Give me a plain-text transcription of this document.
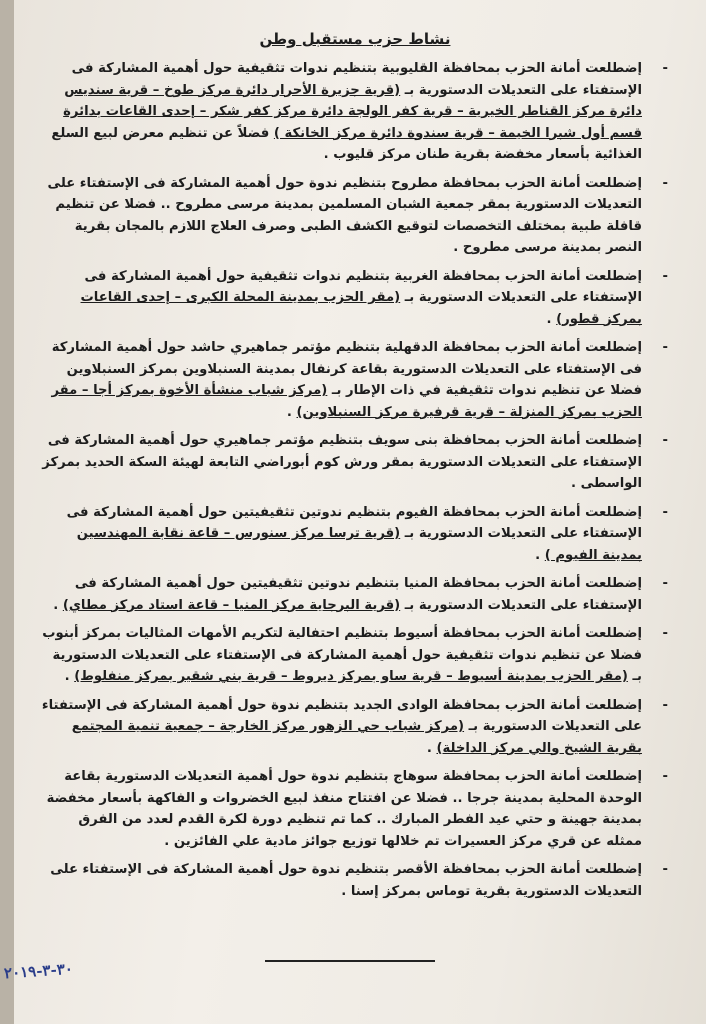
نشاط حزب مستقبل وطن
-
إضطلعت أمانة الحزب بمحافظة القليوبية بتنظيم ندوات تثقيفية حول أهمية المشاركة فى الإستفتاء على التعديلات الدستورية بـ (قرية جزيرة الأحرار دائرة مركز طوخ – قرية سنديس دائرة مركز القناطر الخيرية – قرية كفر الولجة دائرة مركز كفر شكر – إحدى القاعات بدائرة قسم أول شبرا الخيمة – قرية سندوة دائرة مركز الخانكة ) فضلاً عن تنظيم معرض لبيع السلع الغذائية بأسعار مخفضة بقرية طنان مركز قليوب .
-
إضطلعت أمانة الحزب بمحافظة مطروح بتنظيم ندوة حول أهمية المشاركة فى الإستفتاء على التعديلات الدستورية بمقر جمعية الشبان المسلمين بمدينة مرسى مطروح .. فضلا عن تنظيم قافلة طبية بمختلف التخصصات لتوقيع الكشف الطبى وصرف العلاج اللازم بالمجان بقرية النصر بمدينة مرسى مطروح .
-
إضطلعت أمانة الحزب بمحافظة الغربية بتنظيم ندوات تثقيفية حول أهمية المشاركة فى الإستفتاء على التعديلات الدستورية بـ (مقر الحزب بمدينة المحلة الكبرى – إحدى القاعات بمركز قطور) .
-
إضطلعت أمانة الحزب بمحافظة الدقهلية بتنظيم مؤتمر جماهيري حاشد حول أهمية المشاركة فى الإستفتاء على التعديلات الدستورية بقاعة كرنفال بمدينة السنبلاوين بمركز السنبلاوين فضلا عن تنظيم ندوات تثقيفية في ذات الإطار بـ (مركز شباب منشأة الأخوة بمركز أجا – مقر الحزب بمركز المنزلة – قرية قرفيرة مركز السنبلاوين) .
-
إضطلعت أمانة الحزب بمحافظة بنى سويف بتنظيم مؤتمر جماهيري حول أهمية المشاركة فى الإستفتاء على التعديلات الدستورية بمقر ورش كوم أبوراضي التابعة لهيئة السكة الحديد بمركز الواسطى .
-
إضطلعت أمانة الحزب بمحافظة الفيوم بتنظيم ندوتين تثقيفيتين حول أهمية المشاركة فى الإستفتاء على التعديلات الدستورية بـ (قرية ترسا مركز سنورس – قاعة نقابة المهندسين بمدينة الفيوم ) .
-
إضطلعت أمانة الحزب بمحافظة المنيا بتنظيم ندوتين تثقيفيتين حول أهمية المشاركة فى الإستفتاء على التعديلات الدستورية بـ (قرية البرجاية مركز المنيا – قاعة استاد مركز مطاي) .
-
إضطلعت أمانة الحزب بمحافظة أسيوط بتنظيم احتفالية لتكريم الأمهات المثاليات بمركز أبنوب فضلا عن تنظيم ندوات تثقيفية حول أهمية المشاركة فى الإستفتاء على التعديلات الدستورية بـ (مقر الحزب بمدينة أسيوط – قرية ساو بمركز ديروط – قرية بني شقير بمركز منفلوط) .
-
إضطلعت أمانة الحزب بمحافظة الوادى الجديد بتنظيم ندوة حول أهمية المشاركة فى الإستفتاء على التعديلات الدستورية بـ (مركز شباب حي الزهور مركز الخارجة – جمعية تنمية المجتمع بقرية الشيخ والي مركز الداخلة) .
-
إضطلعت أمانة الحزب بمحافظة سوهاج بتنظيم ندوة حول أهمية التعديلات الدستورية بقاعة الوحدة المحلية بمدينة جرجا .. فضلا عن افتتاح منفذ لبيع الخضروات و الفاكهة بأسعار مخفضة بمدينة جهينة و حتي عيد الفطر المبارك .. كما تم تنظيم دورة لكرة القدم لعدد من الفرق ممثله عن قري مركز العسيرات تم خلالها توزيع جوائز مادية علي الفائزين .
-
إضطلعت أمانة الحزب بمحافظة الأقصر بتنظيم ندوة حول أهمية المشاركة فى الإستفتاء على التعديلات الدستورية بقرية توماس بمركز إسنا .
٣٠-٣-٢٠١٩
